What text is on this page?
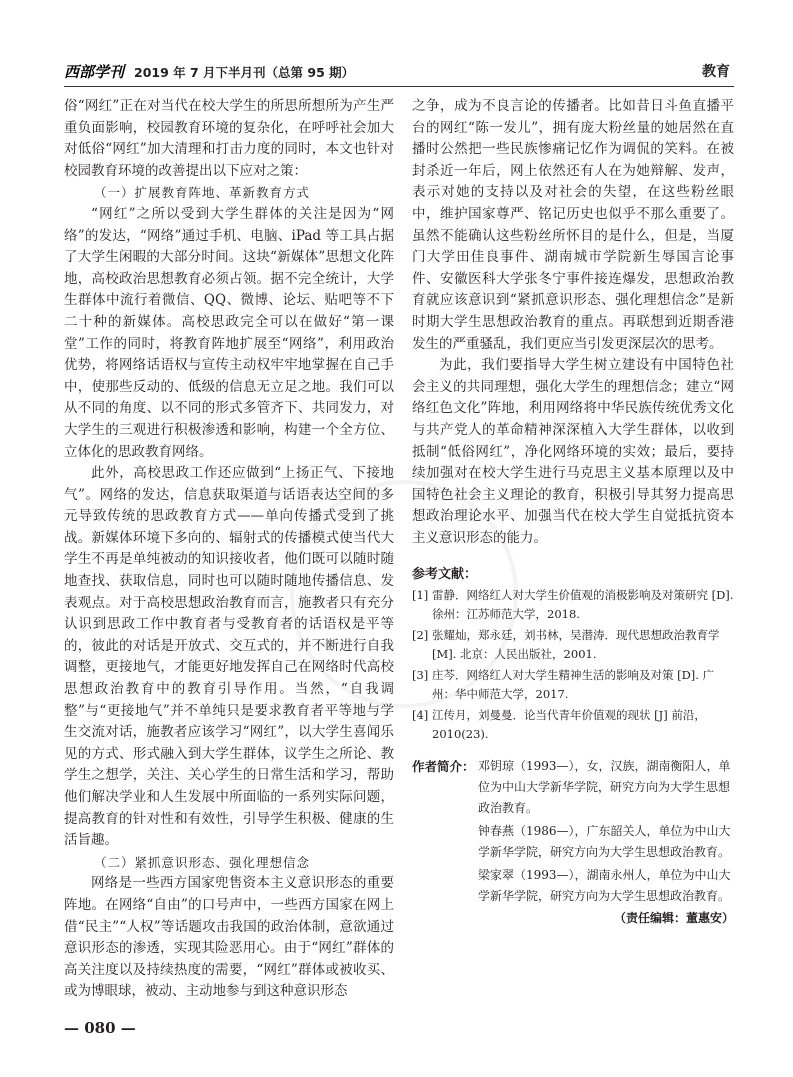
西部学刊 2019 年 7 月下半月刊（总第 95 期）	教育

俗“网红”正在对当代在校大学生的所思所想所为产生严重负面影响，校园教育环境的复杂化，在呼呼社会加大对低俗“网红”加大清理和打击力度的同时，本文也针对校园教育环境的改善提出以下应对之策：

（一）扩展教育阵地、革新教育方式

“网红”之所以受到大学生群体的关注是因为“网络”的发达，“网络”通过手机、电脑、iPad 等工具占据了大学生闲暇的大部分时间。这块“新媒体”思想文化阵地，高校政治思想教育必须占领。据不完全统计，大学生群体中流行着微信、QQ、微博、论坛、贴吧等不下二十种的新媒体。高校思政完全可以在做好“第一课堂”工作的同时，将教育阵地扩展至“网络”，利用政治优势，将网络话语权与宣传主动权牢牢地掌握在自己手中，使那些反动的、低级的信息无立足之地。我们可以从不同的角度、以不同的形式多管齐下、共同发力，对大学生的三观进行积极渗透和影响，构建一个全方位、立体化的思政教育网络。

此外，高校思政工作还应做到“上扬正气、下接地气”。网络的发达，信息获取渠道与话语表达空间的多元导致传统的思政教育方式——单向传播式受到了挑战。新媒体环境下多向的、辐射式的传播模式使当代大学生不再是单纯被动的知识接收者，他们既可以随时随地查找、获取信息，同时也可以随时随地传播信息、发表观点。对于高校思想政治教育而言，施教者只有充分认识到思政工作中教育者与受教育者的话语权是平等的，彼此的对话是开放式、交互式的，并不断进行自我调整，更接地气，才能更好地发挥自己在网络时代高校思想政治教育中的教育引导作用。当然，“自我调整”与“更接地气”并不单纯只是要求教育者平等地与学生交流对话，施教者应该学习“网红”，以大学生喜闻乐见的方式、形式融入到大学生群体，议学生之所论、教学生之想学，关注、关心学生的日常生活和学习，帮助他们解决学业和人生发展中所面临的一系列实际问题，提高教育的针对性和有效性，引导学生积极、健康的生活旨趣。

（二）紧抓意识形态、强化理想信念

网络是一些西方国家兜售资本主义意识形态的重要阵地。在网络“自由”的口号声中，一些西方国家在网上借“民主”“人权”等话题攻击我国的政治体制，意欲通过意识形态的渗透，实现其险恶用心。由于“网红”群体的高关注度以及持续热度的需要，“网红”群体或被收买、或为博眼球，被动、主动地参与到这种意识形态

之争，成为不良言论的传播者。比如昔日斗鱼直播平台的网红“陈一发儿”，拥有庞大粉丝量的她居然在直播时公然把一些民族惨痛记忆作为调侃的笑料。在被封杀近一年后，网上依然还有人在为她辩解、发声，表示对她的支持以及对社会的失望，在这些粉丝眼中，维护国家尊严、铭记历史也似乎不那么重要了。虽然不能确认这些粉丝所怀目的是什么，但是，当厦门大学田佳良事件、湖南城市学院新生辱国言论事件、安徽医科大学张冬宁事件接连爆发，思想政治教育就应该意识到“紧抓意识形态、强化理想信念”是新时期大学生思想政治教育的重点。再联想到近期香港发生的严重骚乱，我们更应当引发更深层次的思考。

为此，我们要指导大学生树立建设有中国特色社会主义的共同理想，强化大学生的理想信念；建立“网络红色文化”阵地，利用网络将中华民族传统优秀文化与共产党人的革命精神深深植入大学生群体，以收到抵制“低俗网红”，净化网络环境的实效；最后，要持续加强对在校大学生进行马克思主义基本原理以及中国特色社会主义理论的教育，积极引导其努力提高思想政治理论水平、加强当代在校大学生自觉抵抗资本主义意识形态的能力。

参考文献：

[1] 雷静．网络红人对大学生价值观的消极影响及对策研究 [D]. 徐州：江苏师范大学，2018.

[2] 张耀灿，郑永廷，刘书林，吴潜涛．现代思想政治教育学 [M]. 北京：人民出版社，2001.

[3] 庄芩．网络红人对大学生精神生活的影响及对策 [D]. 广州：华中师范大学，2017.

[4] 江传月，刘曼曼．论当代青年价值观的现状 [J] 前沿，2010(23).

作者简介： 邓钥琼（1993—），女，汉族，湖南衡阳人，单位为中山大学新华学院，研究方向为大学生思想政治教育。

钟春燕（1986—），广东韶关人，单位为中山大学新华学院，研究方向为大学生思想政治教育。

梁家翠（1993—），湖南永州人，单位为中山大学新华学院，研究方向为大学生思想政治教育。

（责任编辑：董惠安）
— 080 —
